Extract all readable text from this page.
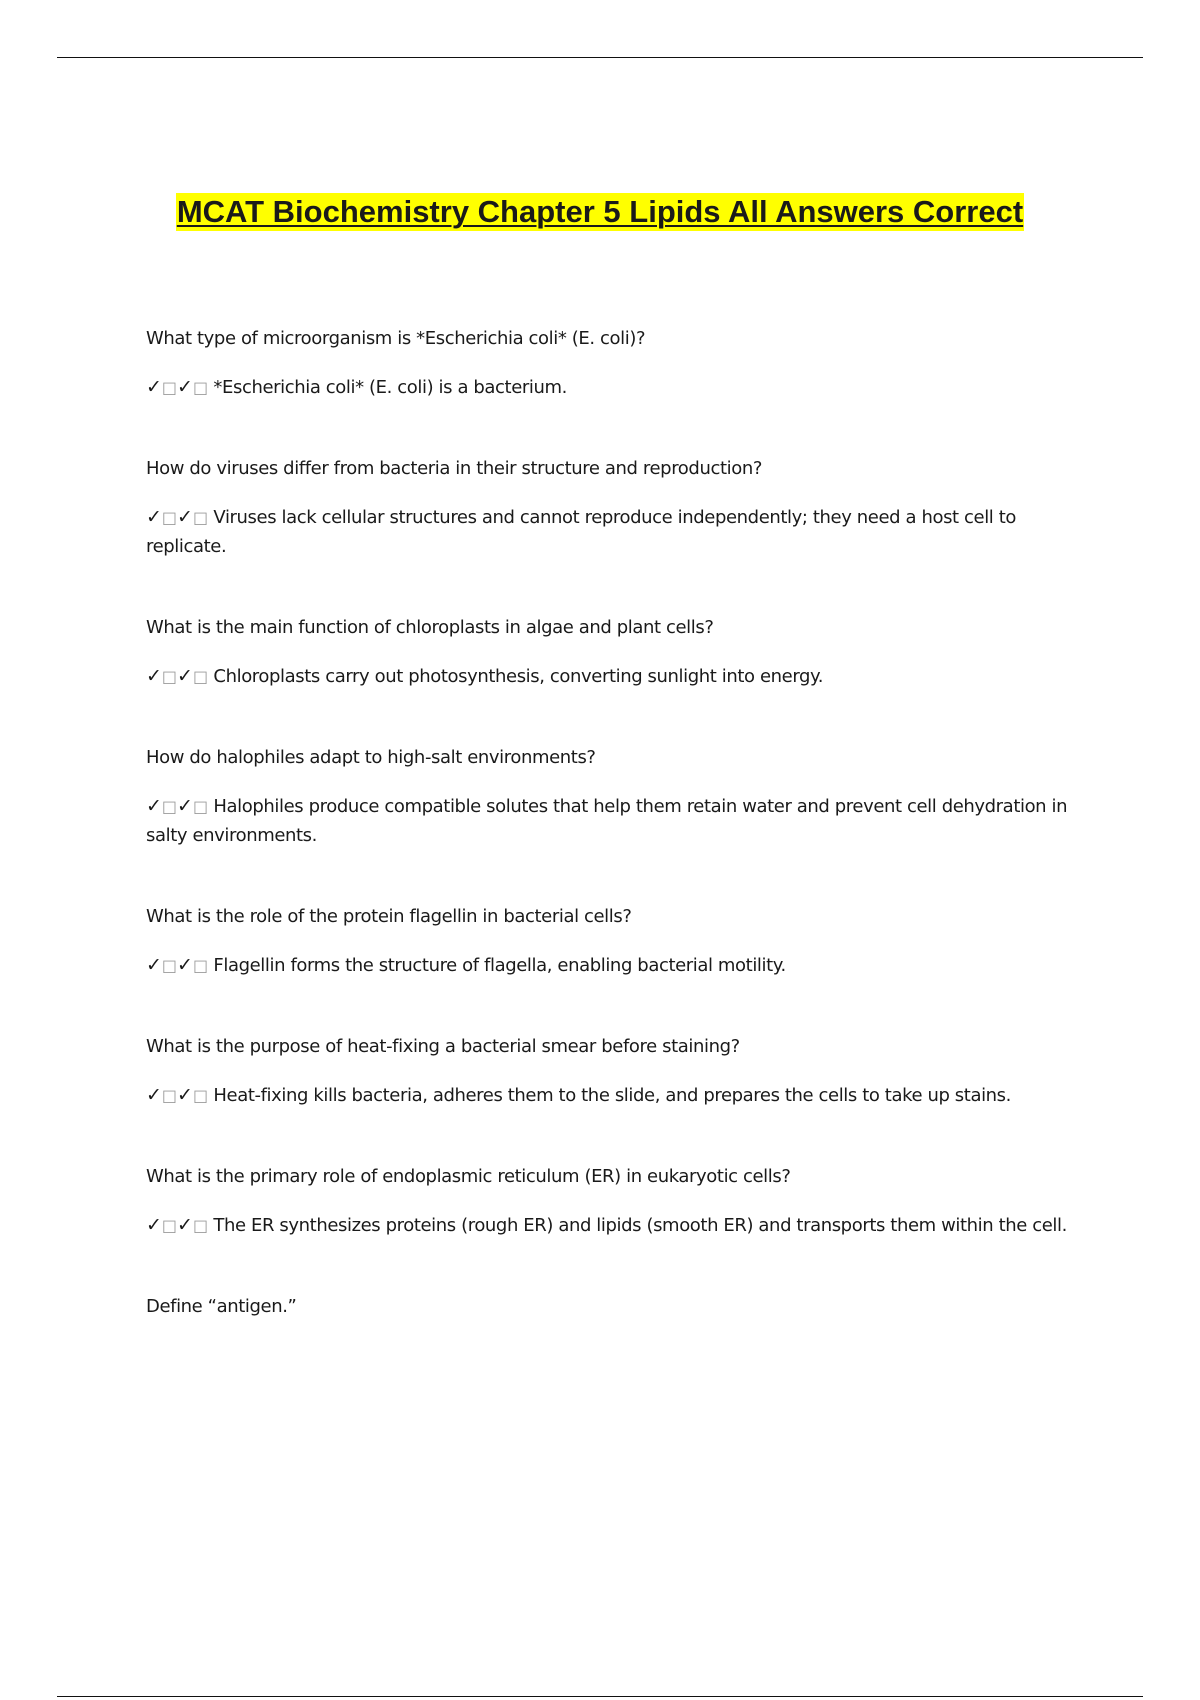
MCAT Biochemistry Chapter 5 Lipids All Answers Correct

What type of microorganism is *Escherichia coli* (E. coli)?

✓□✓□ *Escherichia coli* (E. coli) is a bacterium.

How do viruses differ from bacteria in their structure and reproduction?

✓□✓□ Viruses lack cellular structures and cannot reproduce independently; they need a host cell to replicate.

What is the main function of chloroplasts in algae and plant cells?

✓□✓□ Chloroplasts carry out photosynthesis, converting sunlight into energy.

How do halophiles adapt to high-salt environments?

✓□✓□ Halophiles produce compatible solutes that help them retain water and prevent cell dehydration in salty environments.

What is the role of the protein flagellin in bacterial cells?

✓□✓□ Flagellin forms the structure of flagella, enabling bacterial motility.

What is the purpose of heat-fixing a bacterial smear before staining?

✓□✓□ Heat-fixing kills bacteria, adheres them to the slide, and prepares the cells to take up stains.

What is the primary role of endoplasmic reticulum (ER) in eukaryotic cells?

✓□✓□ The ER synthesizes proteins (rough ER) and lipids (smooth ER) and transports them within the cell.

Define “antigen.”
